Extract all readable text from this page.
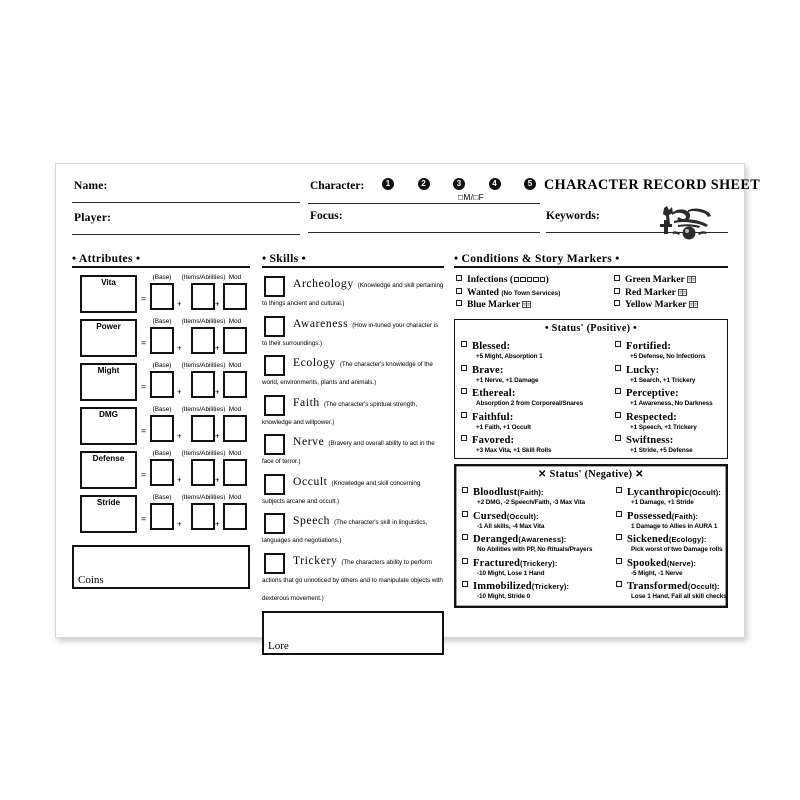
Name:
Player:
Character:	1	2	3	4	5 CHARACTER RECORD SHEET
□M/□F
Focus:	Keywords:
• Attributes •
Vita
=
(Base)	(Items/Abilities) Mod
+	+
Power
=
(Base)	(Items/Abilities) Mod
+	+
Might
=
(Base)	(Items/Abilities) Mod
+	+
DMG
=
(Base)	(Items/Abilities) Mod
+	+
Defense
=
(Base)	(Items/Abilities) Mod
+	+
Stride
=
(Base)	(Items/Abilities) Mod
+	+
Coins
• Skills •
Archeology (Knowledge and skill pertaining to things ancient and cultural.)
Awareness (How in-tuned your character is to their surroundings.)
Ecology (The character's knowledge of the world, environments, plants and animals.)
Faith (The character's spiritual strength, knowledge and willpower.)
Nerve (Bravery and overall ability to act in the face of terror.)
Occult (Knowledge and skill concerning subjects arcane and occult.)
Speech (The character's skill in linguistics, languages and negotiations.)
Trickery (The characters ability to perform actions that go unnoticed by others and to manipulate objects with dexterous movement.)
Lore
• Conditions & Story Markers •
Infections (	)
Wanted (No Town Services)
Blue Marker
Green Marker
Red Marker
Yellow Marker
• Status' (Positive) •
Blessed:
+5 Might, Absorption 1
Brave:
+1 Nerve, +1 Damage
Ethereal:
Absorption 2 from Corporeal/Snares
Faithful:
+1 Faith, +1 Occult
Favored:
+3 Max Vita, +1 Skill Rolls
Fortified:
+5 Defense, No Infections
Lucky:
+1 Search, +1 Trickery
Perceptive:
+1 Awareness, No Darkness
Respected:
+1 Speech, +1 Trickery
Swiftness:
+1 Stride, +5 Defense
✕ Status' (Negative) ✕
Bloodlust(Faith):
+2 DMG, -2 Speech/Faith, -3 Max Vita
Cursed(Occult):
-1 All skills, -4 Max Vita
Deranged(Awareness):
No Abilities with PP, No Rituals/Prayers
Fractured(Trickery):
-10 Might, Lose 1 Hand
Immobilized(Trickery):
-10 Might, Stride 0
Lycanthropic(Occult):
+1 Damage, +1 Stride
Possessed(Faith):
1 Damage to Allies in AURA 1
Sickened(Ecology):
Pick worst of two Damage rolls
Spooked(Nerve):
-5 Might, -1 Nerve
Transformed(Occult):
Lose 1 Hand, Fail all skill checks
